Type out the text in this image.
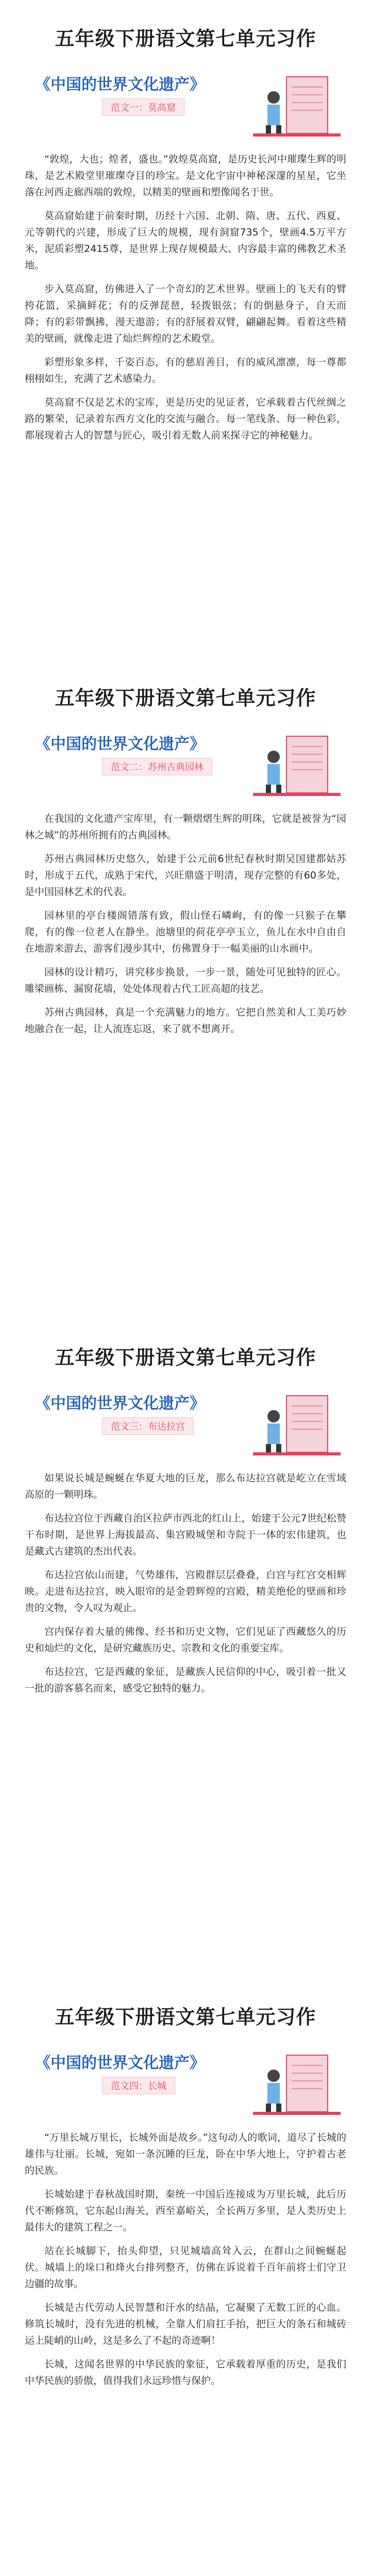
五年级下册语文第七单元习作
《中国的世界文化遗产》
范文一：莫高窟

“敦煌，大也；煌者，盛也。”敦煌莫高窟，是历史长河中璀璨生辉的明珠，是艺术殿堂里璀璨夺目的珍宝。是文化宇宙中神秘深邃的星星，它坐落在河西走廊西端的敦煌，以精美的壁画和塑像闻名于世。

莫高窟始建于前秦时期，历经十六国、北朝、隋、唐、五代、西夏、元等朝代的兴建，形成了巨大的规模，现有洞窟735个，壁画4.5万平方米，泥质彩塑2415尊，是世界上现存规模最大、内容最丰富的佛教艺术圣地。

步入莫高窟，仿佛进入了一个奇幻的艺术世界。壁画上的飞天有的臂挎花篮，采摘鲜花；有的反弹琵琶，轻拨银弦；有的倒悬身子，自天而降；有的彩带飘拂，漫天遨游；有的舒展着双臂，翩翩起舞。看着这些精美的壁画，就像走进了灿烂辉煌的艺术殿堂。

彩塑形象多样，千姿百态，有的慈眉善目，有的威风凛凛，每一尊都栩栩如生，充满了艺术感染力。

莫高窟不仅是艺术的宝库，更是历史的见证者，它承载着古代丝绸之路的繁荣，记录着东西方文化的交流与融合。每一笔线条、每一种色彩，都展现着古人的智慧与匠心，吸引着无数人前来探寻它的神秘魅力。

五年级下册语文第七单元习作
《中国的世界文化遗产》
范文二：苏州古典园林

在我国的文化遗产宝库里，有一颗熠熠生辉的明珠，它就是被誉为“园林之城”的苏州所拥有的古典园林。

苏州古典园林历史悠久，始建于公元前6世纪春秋时期吴国建都姑苏时，形成于五代，成熟于宋代，兴旺鼎盛于明清，现存完整的有60多处，是中国园林艺术的代表。

园林里的亭台楼阁错落有致，假山怪石嶙峋，有的像一只猴子在攀爬，有的像一位老人在静坐。池塘里的荷花亭亭玉立，鱼儿在水中自由自在地游来游去，游客们漫步其中，仿佛置身于一幅美丽的山水画中。

园林的设计精巧，讲究移步换景，一步一景，随处可见独特的匠心。雕梁画栋、漏窗花墙，处处体现着古代工匠高超的技艺。

苏州古典园林，真是一个充满魅力的地方。它把自然美和人工美巧妙地融合在一起，让人流连忘返，来了就不想离开。

五年级下册语文第七单元习作
《中国的世界文化遗产》
范文三：布达拉宫

如果说长城是蜿蜒在华夏大地的巨龙，那么布达拉宫就是屹立在雪域高原的一颗明珠。

布达拉宫位于西藏自治区拉萨市西北的红山上，始建于公元7世纪松赞干布时期，是世界上海拔最高、集宫殿城堡和寺院于一体的宏伟建筑，也是藏式古建筑的杰出代表。

布达拉宫依山而建，气势雄伟，宫殿群层层叠叠，白宫与红宫交相辉映。走进布达拉宫，映入眼帘的是金碧辉煌的宫殿，精美绝伦的壁画和珍贵的文物，令人叹为观止。

宫内保存着大量的佛像、经书和历史文物，它们见证了西藏悠久的历史和灿烂的文化，是研究藏族历史、宗教和文化的重要宝库。

布达拉宫，它是西藏的象征，是藏族人民信仰的中心，吸引着一批又一批的游客慕名而来，感受它独特的魅力。

五年级下册语文第七单元习作
《中国的世界文化遗产》
范文四：长城

“万里长城万里长，长城外面是故乡。”这句动人的歌词，道尽了长城的雄伟与壮丽。长城，宛如一条沉睡的巨龙，卧在中华大地上，守护着古老的民族。

长城始建于春秋战国时期，秦统一中国后连接成为万里长城，此后历代不断修筑，它东起山海关，西至嘉峪关，全长两万多里，是人类历史上最伟大的建筑工程之一。

站在长城脚下，抬头仰望，只见城墙高耸入云，在群山之间蜿蜒起伏。城墙上的垛口和烽火台排列整齐，仿佛在诉说着千百年前将士们守卫边疆的故事。

长城是古代劳动人民智慧和汗水的结晶，它凝聚了无数工匠的心血。修筑长城时，没有先进的机械，全靠人们肩扛手抬，把巨大的条石和城砖运上陡峭的山岭，这是多么了不起的奇迹啊！

长城，这闻名世界的中华民族的象征，它承载着厚重的历史，是我们中华民族的骄傲，值得我们永远珍惜与保护。
